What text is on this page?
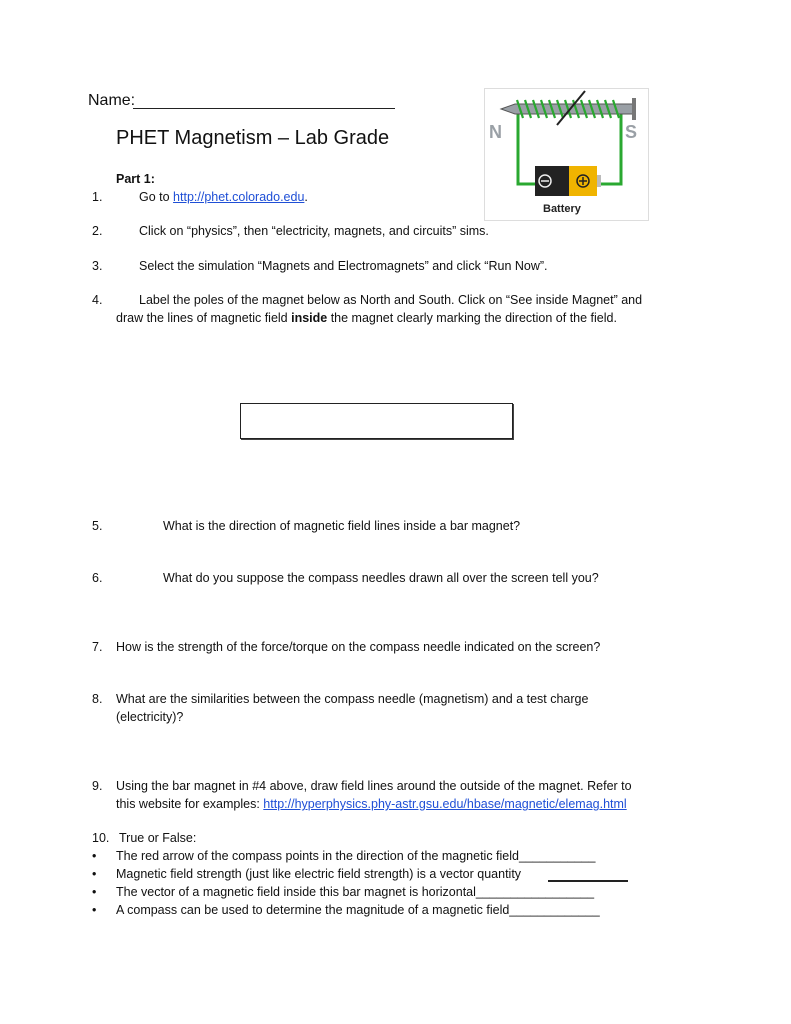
Name:
PHET Magnetism – Lab Grade	N	S
Battery
Part 1:
1.	Go to http://phet.colorado.edu.
2.	Click on “physics”, then “electricity, magnets, and circuits” sims.
3.	Select the simulation “Magnets and Electromagnets” and click “Run Now”.
4.	Label the poles of the magnet below as North and South. Click on “See inside Magnet” and
draw the lines of magnetic field inside the magnet clearly marking the direction of the field.
5.	What is the direction of magnetic field lines inside a bar magnet?
6.	What do you suppose the compass needles drawn all over the screen tell you?
7. How is the strength of the force/torque on the compass needle indicated on the screen?
8. What are the similarities between the compass needle (magnetism) and a test charge
(electricity)?
9. Using the bar magnet in #4 above, draw field lines around the outside of the magnet. Refer to
this website for examples: http://hyperphysics.phy-astr.gsu.edu/hbase/magnetic/elemag.html
10. True or False:
•
The red arrow of the compass points in the direction of the magnetic field___________
•
Magnetic field strength (just like electric field strength) is a vector quantity
•
The vector of a magnetic field inside this bar magnet is horizontal_________________
•
A compass can be used to determine the magnitude of a magnetic field_____________
